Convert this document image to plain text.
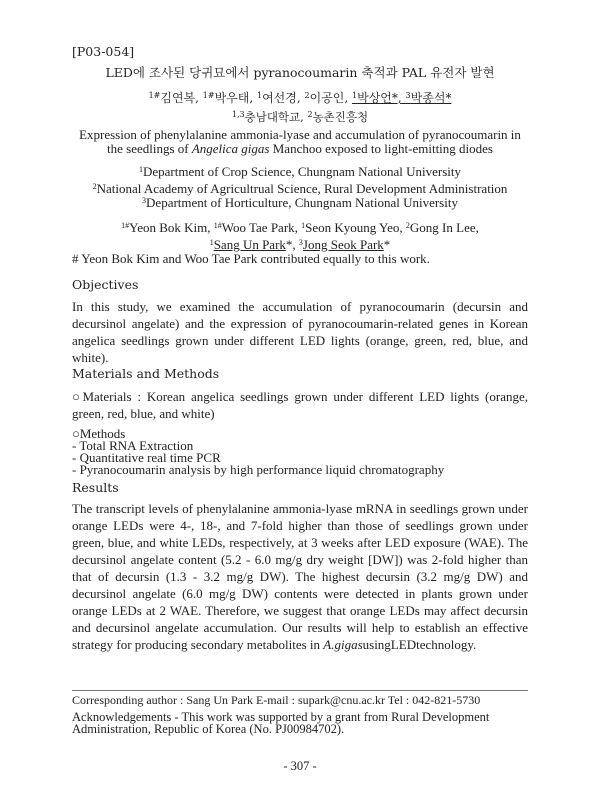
[P03-054]
LED에 조사된 당귀묘에서 pyranocoumarin 축적과 PAL 유전자 발현
$^{1\#}$김연복, $^{1\#}$박우태, $^1$여선경, $^2$이공인, $^1$박상언*, $^3$박종석*
$^{1,3}$충남대학교, $^2$농촌진흥청
Expression of phenylalanine ammonia-lyase and accumulation of pyranocoumarin in
the seedlings of Angelica gigas Manchoo exposed to light-emitting diodes
$^1$Department of Crop Science, Chungnam National University
$^2$National Academy of Agricultrual Science, Rural Development Administration
$^3$Department of Horticulture, Chungnam National University
$^{1\#}$Yeon Bok Kim, $^{1\#}$Woo Tae Park, $^1$Seon Kyoung Yeo, $^2$Gong In Lee,
$^1$Sang Un Park*, $^3$Jong Seok Park*
# Yeon Bok Kim and Woo Tae Park contributed equally to this work.
Objectives
In this study, we examined the accumulation of pyranocoumarin (decursin and decursinol angelate) and the expression of pyranocoumarin-related genes in Korean angelica seedlings grown under different LED lights (orange, green, red, blue, and white).
Materials and Methods
○Materials : Korean angelica seedlings grown under different LED lights (orange, green, red, blue, and white)
○Methods
- Total RNA Extraction
- Quantitative real time PCR
- Pyranocoumarin analysis by high performance liquid chromatography
Results
The transcript levels of phenylalanine ammonia-lyase mRNA in seedlings grown under orange LEDs were 4-, 18-, and 7-fold higher than those of seedlings grown under green, blue, and white LEDs, respectively, at 3 weeks after LED exposure (WAE). The decursinol angelate content (5.2 - 6.0 mg/g dry weight [DW]) was 2-fold higher than that of decursin (1.3 - 3.2 mg/g DW). The highest decursin (3.2 mg/g DW) and decursinol angelate (6.0 mg/g DW) contents were detected in plants grown under orange LEDs at 2 WAE. Therefore, we suggest that orange LEDs may affect decursin and decursinol angelate accumulation. Our results will help to establish an effective strategy for producing secondary metabolites in A.gigasusingLEDtechnology.
Corresponding author : Sang Un Park E-mail : supark@cnu.ac.kr Tel : 042-821-5730
Acknowledgements - This work was supported by a grant from Rural Development Administration, Republic of Korea (No. PJ00984702).
- 307 -
